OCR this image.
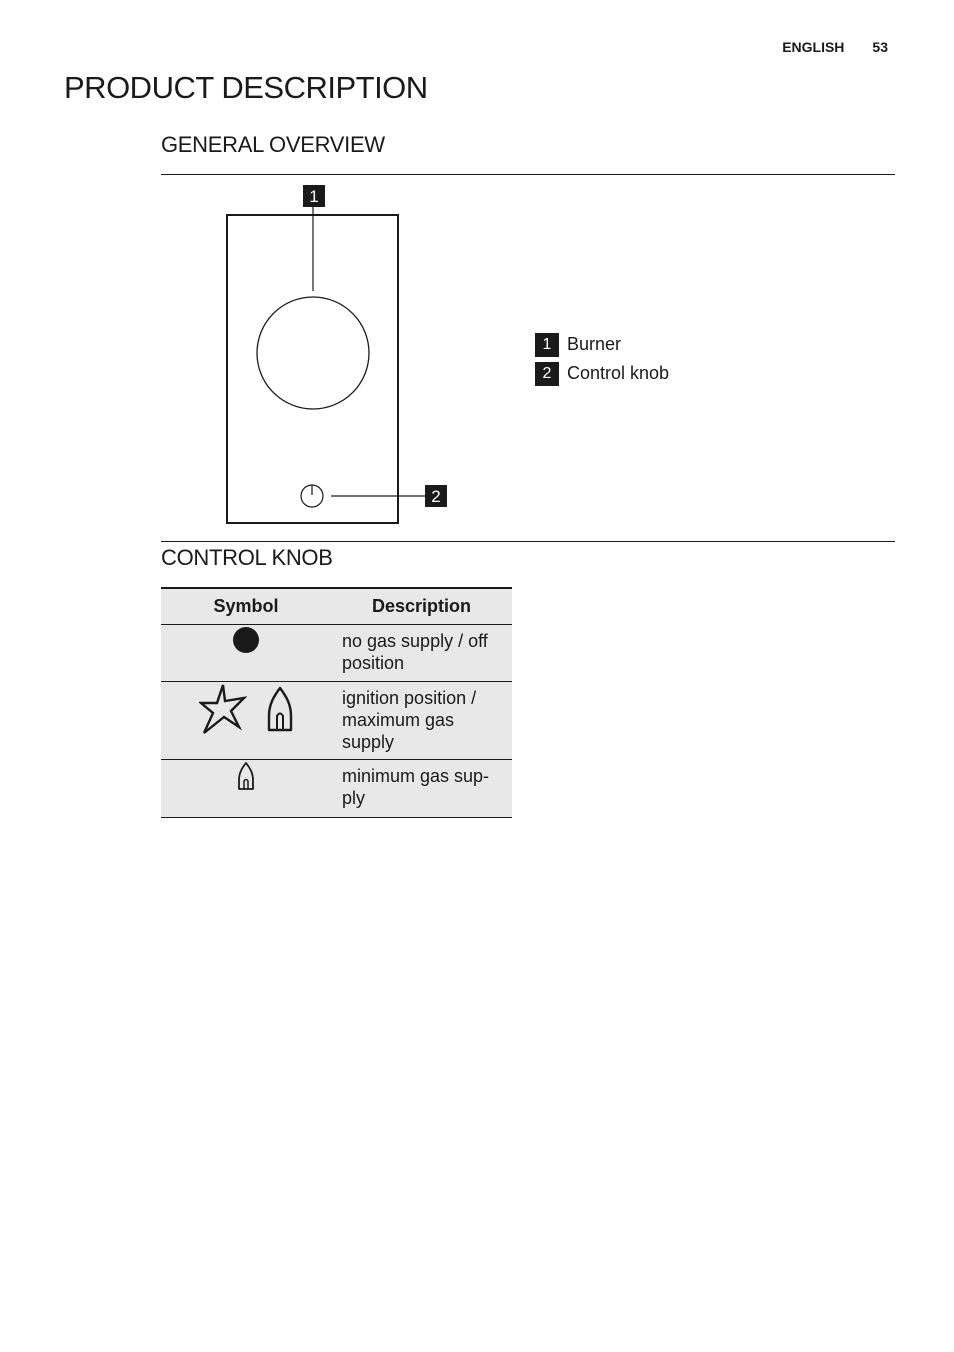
ENGLISH 53
PRODUCT DESCRIPTION
GENERAL OVERVIEW
1
2
1 Burner
2 Control knob
CONTROL KNOB
Symbol	Description
	no gas supply / off position
	ignition position / maximum gas supply
	minimum gas sup-ply
